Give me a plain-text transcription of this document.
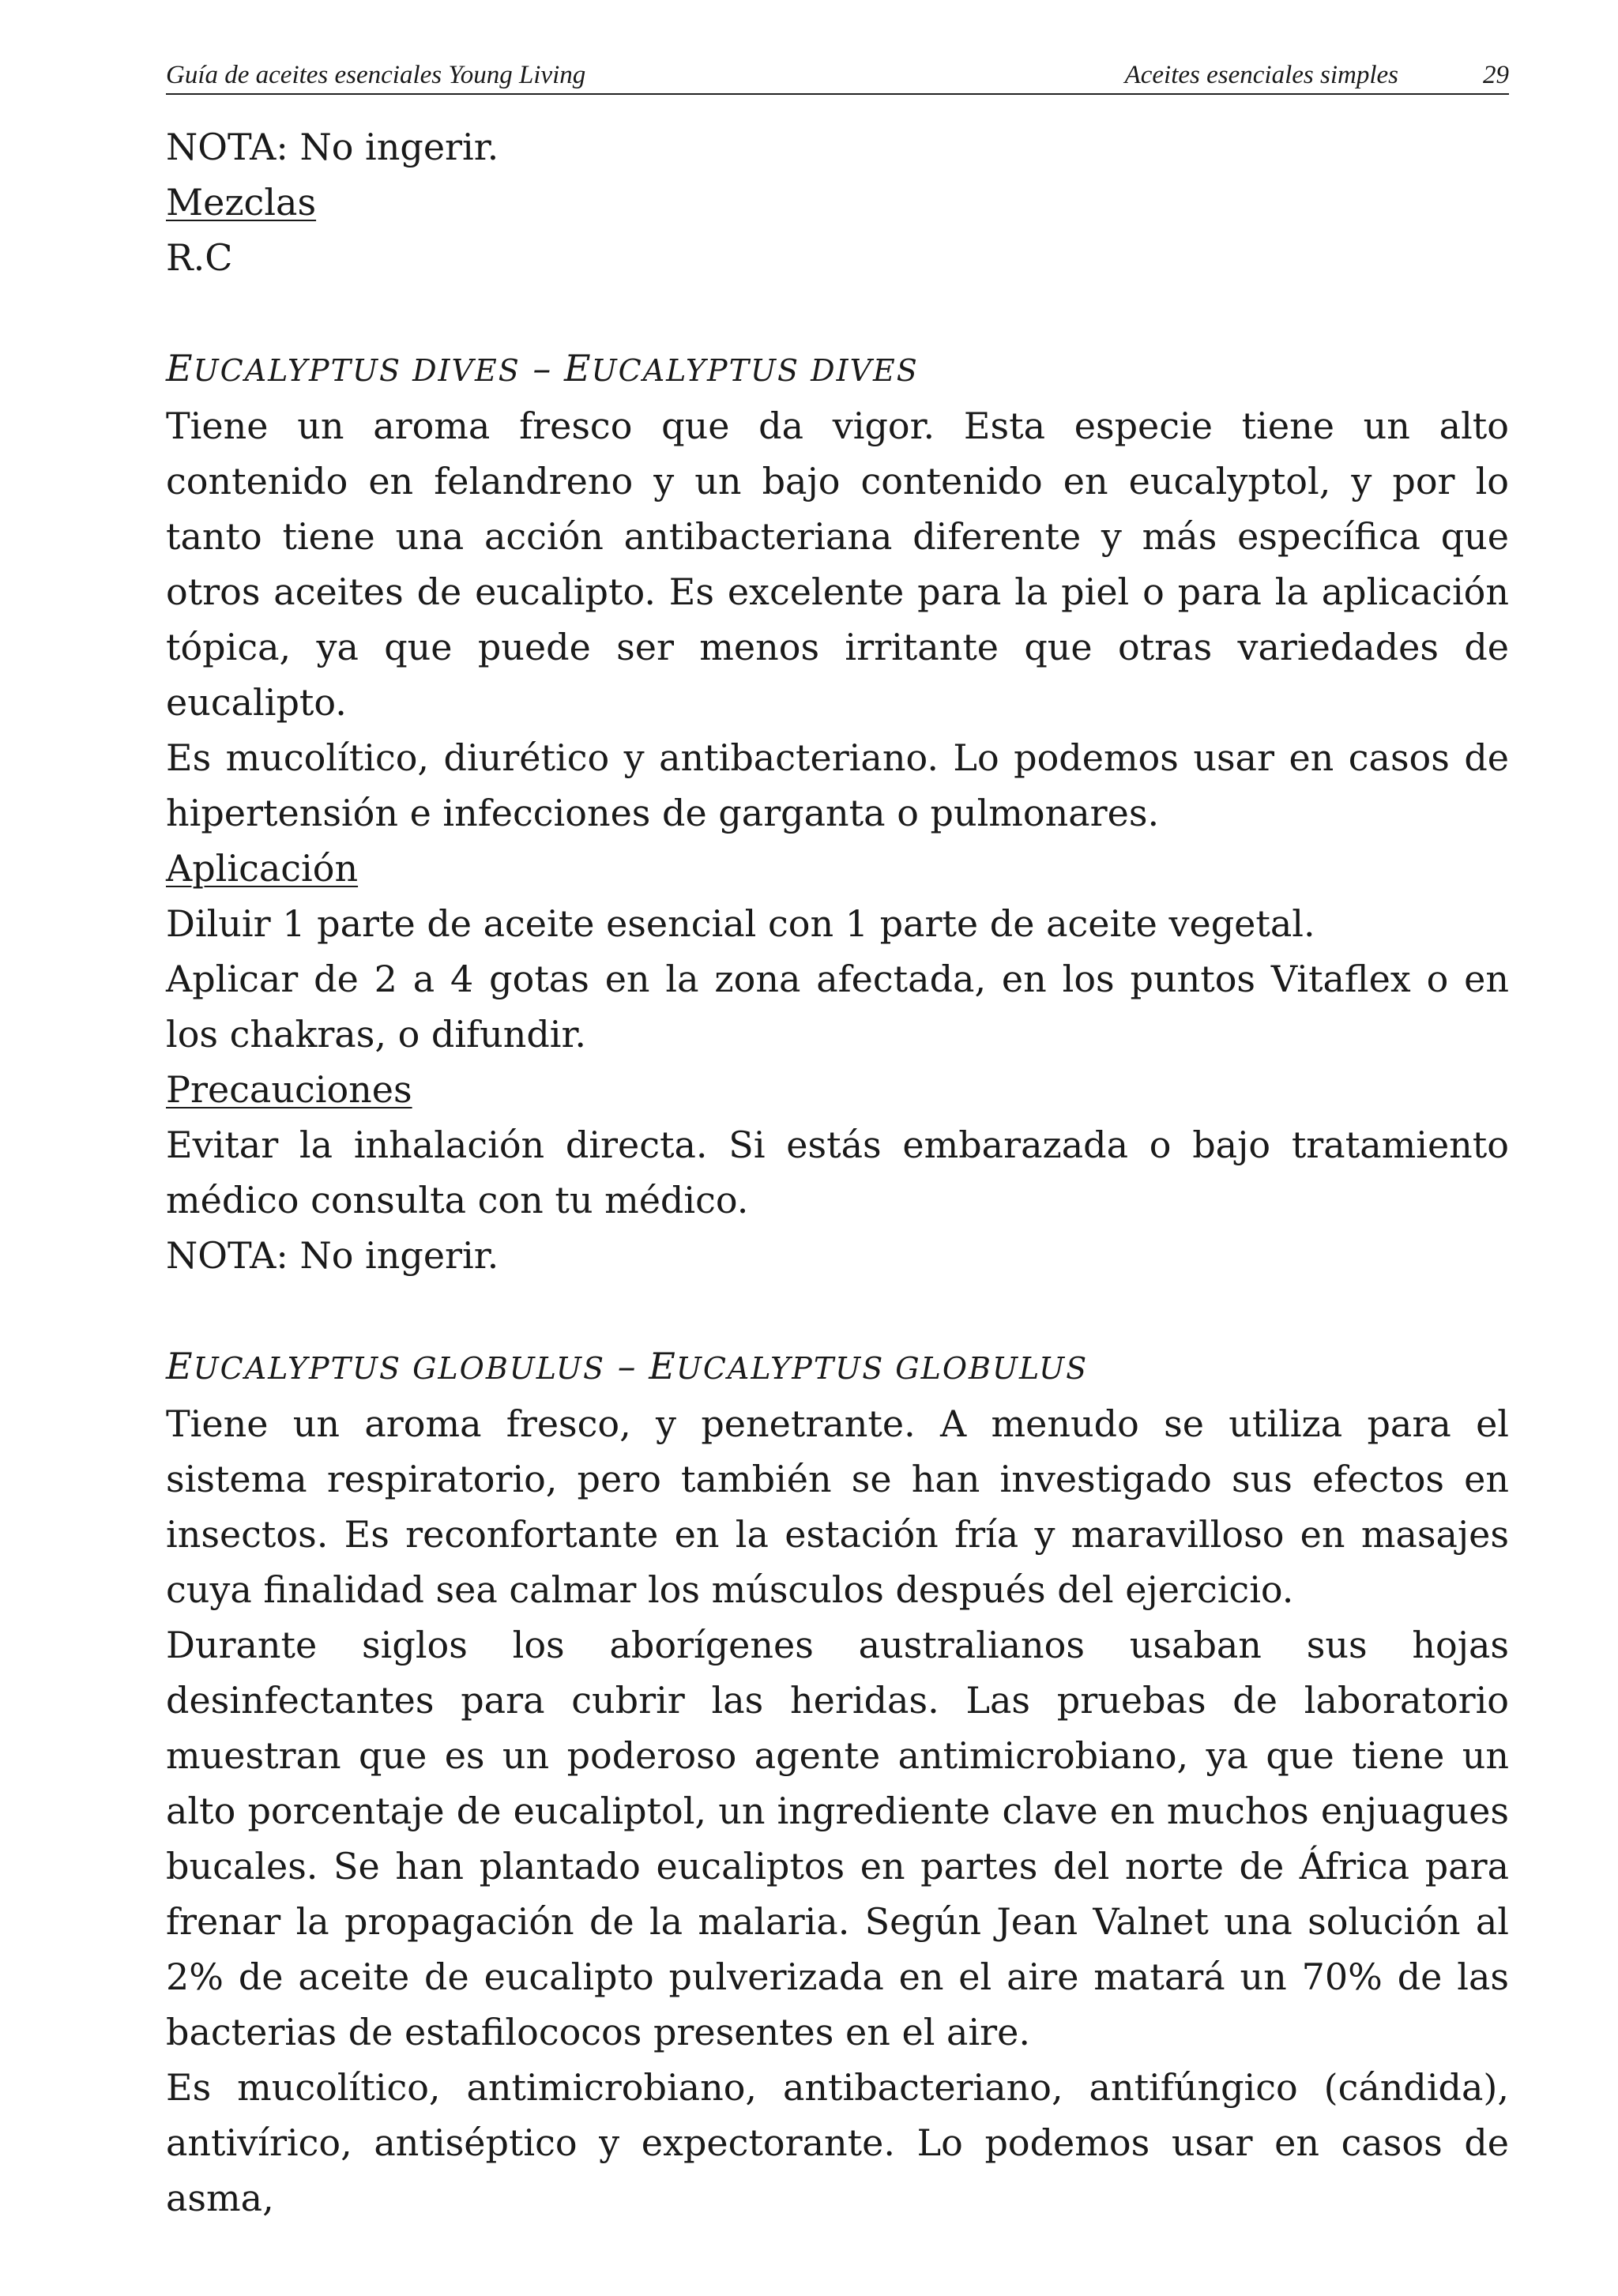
Guía de aceites esenciales Young Living	Aceites esenciales simples	29

NOTA: No ingerir.

Mezclas

R.C

EUCALYPTUS DIVES – EUCALYPTUS DIVES

Tiene un aroma fresco que da vigor. Esta especie tiene un alto contenido en felandreno y un bajo contenido en eucalyptol, y por lo tanto tiene una acción antibacteriana diferente y más específica que otros aceites de eucalipto. Es excelente para la piel o para la aplicación tópica, ya que puede ser menos irritante que otras variedades de eucalipto.

Es mucolítico, diurético y antibacteriano. Lo podemos usar en casos de hipertensión e infecciones de garganta o pulmonares.

Aplicación

Diluir 1 parte de aceite esencial con 1 parte de aceite vegetal.

Aplicar de 2 a 4 gotas en la zona afectada, en los puntos Vitaflex o en los chakras, o difundir.

Precauciones

Evitar la inhalación directa. Si estás embarazada o bajo tratamiento médico consulta con tu médico.

NOTA: No ingerir.

EUCALYPTUS GLOBULUS – EUCALYPTUS GLOBULUS

Tiene un aroma fresco, y penetrante. A menudo se utiliza para el sistema respiratorio, pero también se han investigado sus efectos en insectos. Es reconfortante en la estación fría y maravilloso en masajes cuya finalidad sea calmar los músculos después del ejercicio.

Durante siglos los aborígenes australianos usaban sus hojas desinfectantes para cubrir las heridas. Las pruebas de laboratorio muestran que es un poderoso agente antimicrobiano, ya que tiene un alto porcentaje de eucaliptol, un ingrediente clave en muchos enjuagues bucales. Se han plantado eucaliptos en partes del norte de África para frenar la propagación de la malaria. Según Jean Valnet una solución al 2% de aceite de eucalipto pulverizada en el aire matará un 70% de las bacterias de estafilococos presentes en el aire.

Es mucolítico, antimicrobiano, antibacteriano, antifúngico (cándida), antivírico, antiséptico y expectorante. Lo podemos usar en casos de asma,
